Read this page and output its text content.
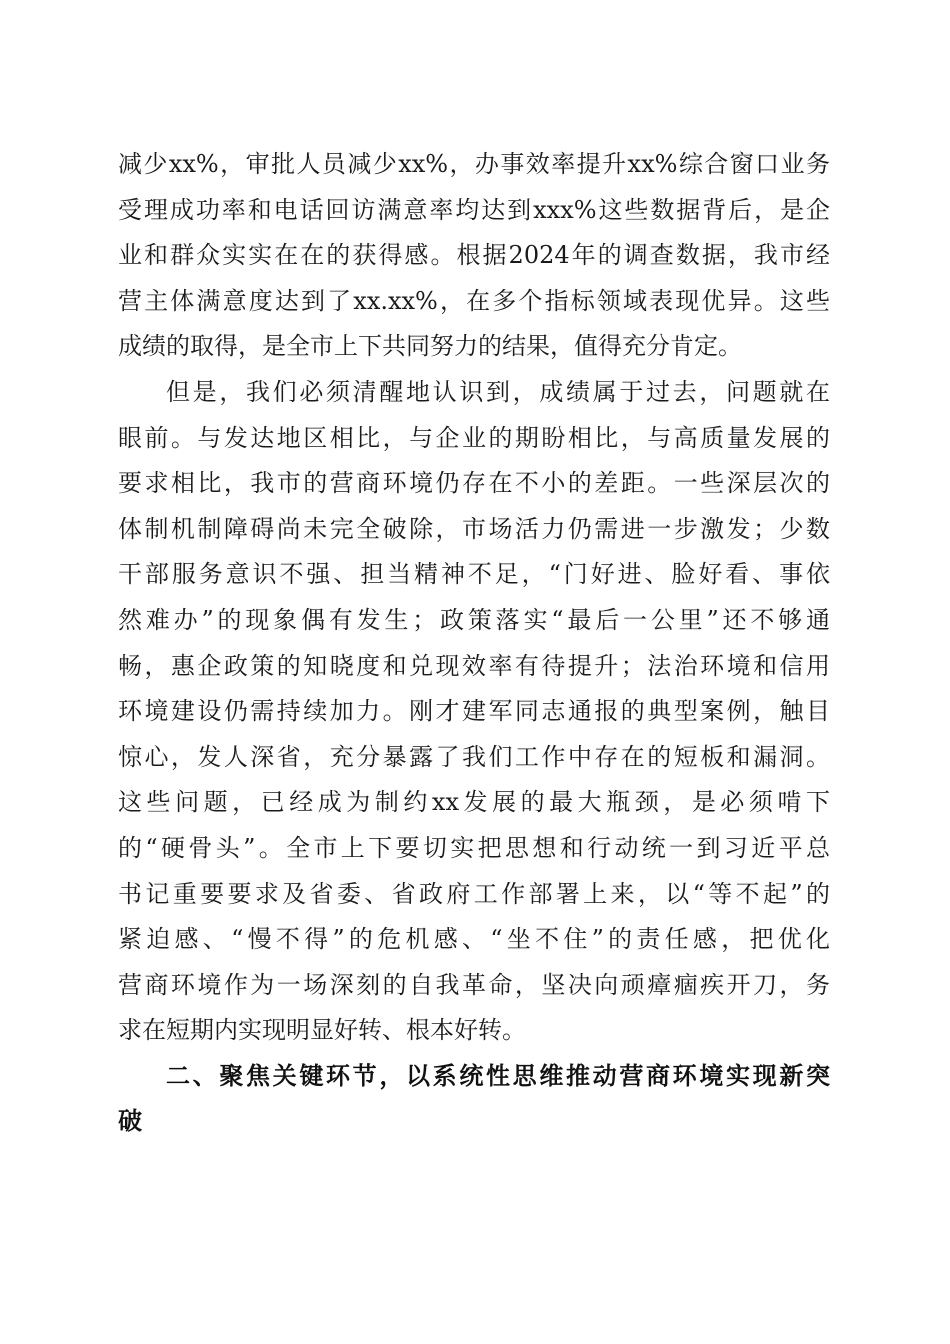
减少xx%，审批人员减少xx%，办事效率提升xx%综合窗口业务
受理成功率和电话回访满意率均达到xxx%这些数据背后，是企
业和群众实实在在的获得感。根据2024年的调查数据，我市经
营主体满意度达到了xx.xx%，在多个指标领域表现优异。这些
成绩的取得，是全市上下共同努力的结果，值得充分肯定。
但是，我们必须清醒地认识到，成绩属于过去，问题就在
眼前。与发达地区相比，与企业的期盼相比，与高质量发展的
要求相比，我市的营商环境仍存在不小的差距。一些深层次的
体制机制障碍尚未完全破除，市场活力仍需进一步激发；少数
干部服务意识不强、担当精神不足，“门好进、脸好看、事依
然难办”的现象偶有发生；政策落实“最后一公里”还不够通
畅，惠企政策的知晓度和兑现效率有待提升；法治环境和信用
环境建设仍需持续加力。刚才建军同志通报的典型案例，触目
惊心，发人深省，充分暴露了我们工作中存在的短板和漏洞。
这些问题，已经成为制约xx发展的最大瓶颈，是必须啃下
的“硬骨头”。全市上下要切实把思想和行动统一到习近平总
书记重要要求及省委、省政府工作部署上来，以“等不起”的
紧迫感、“慢不得”的危机感、“坐不住”的责任感，把优化
营商环境作为一场深刻的自我革命，坚决向顽瘴痼疾开刀，务
求在短期内实现明显好转、根本好转。
二、聚焦关键环节，以系统性思维推动营商环境实现新突
破
